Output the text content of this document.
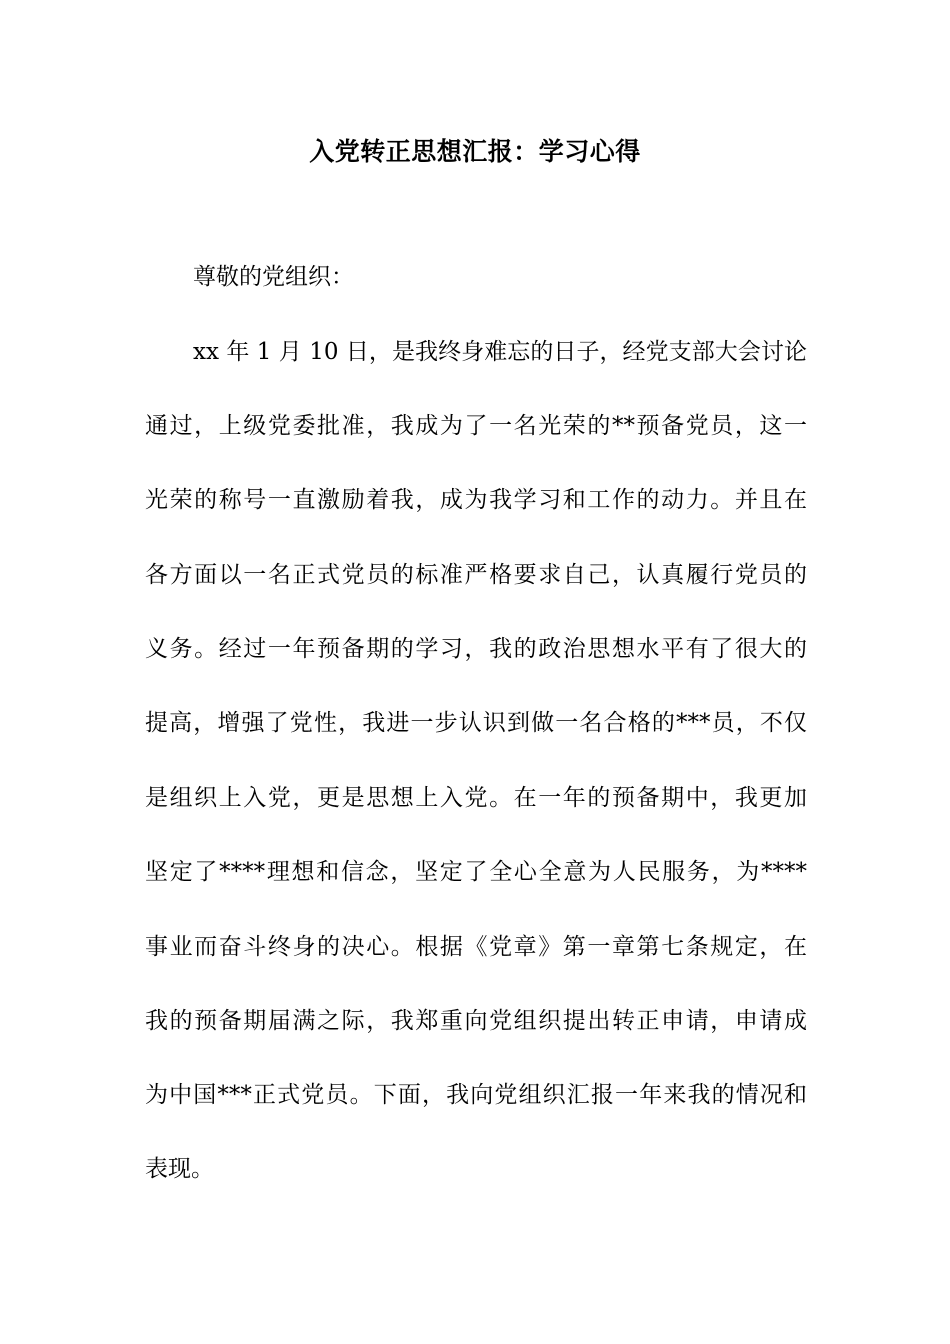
入党转正思想汇报：学习心得
尊敬的党组织：
xx 年 1 月 10 日，是我终身难忘的日子，经党支部大会讨论
通过，上级党委批准，我成为了一名光荣的**预备党员，这一
光荣的称号一直激励着我，成为我学习和工作的动力。并且在
各方面以一名正式党员的标准严格要求自己，认真履行党员的
义务。经过一年预备期的学习，我的政治思想水平有了很大的
提高，增强了党性，我进一步认识到做一名合格的***员，不仅
是组织上入党，更是思想上入党。在一年的预备期中，我更加
坚定了****理想和信念，坚定了全心全意为人民服务，为****
事业而奋斗终身的决心。根据《党章》第一章第七条规定，在
我的预备期届满之际，我郑重向党组织提出转正申请，申请成
为中国***正式党员。下面，我向党组织汇报一年来我的情况和
表现。
